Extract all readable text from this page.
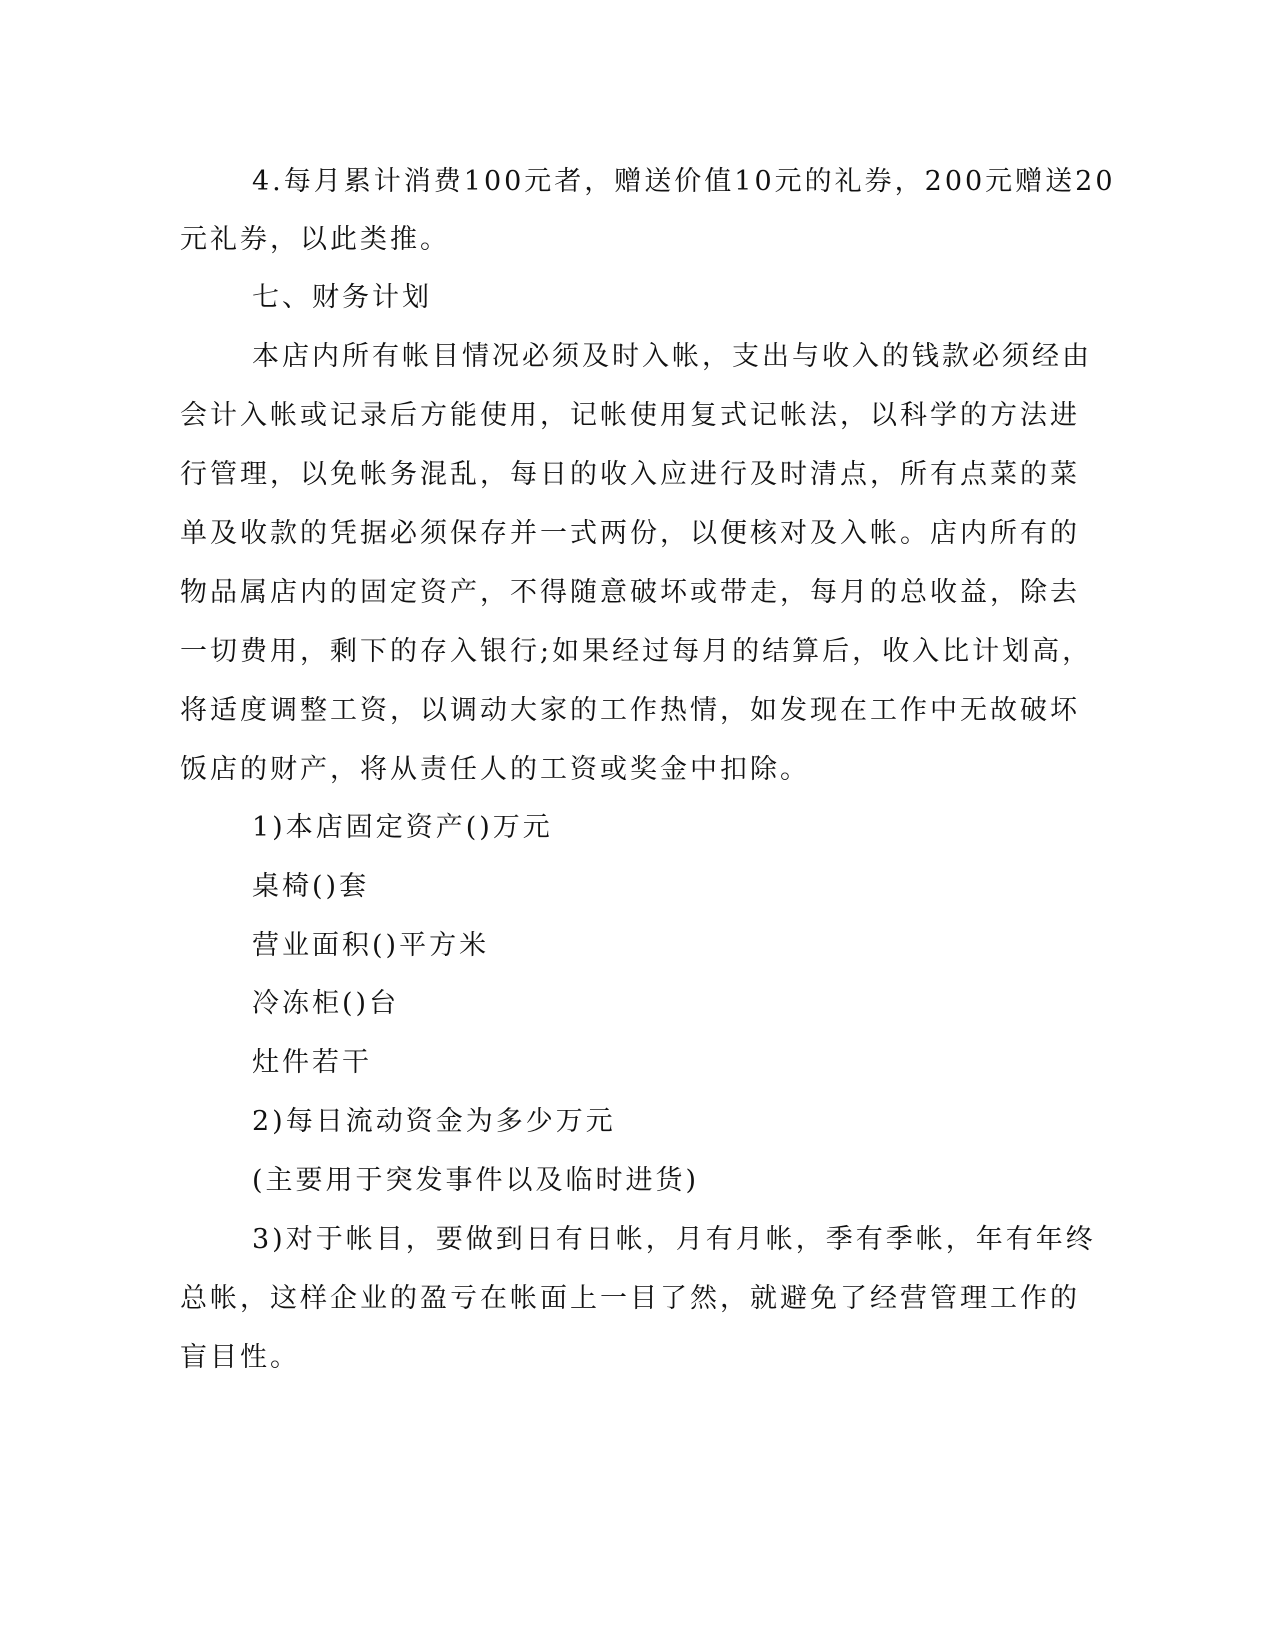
4.每月累计消费100元者，赠送价值10元的礼券，200元赠送20
元礼券，以此类推。
七、财务计划
本店内所有帐目情况必须及时入帐，支出与收入的钱款必须经由
会计入帐或记录后方能使用，记帐使用复式记帐法，以科学的方法进
行管理，以免帐务混乱，每日的收入应进行及时清点，所有点菜的菜
单及收款的凭据必须保存并一式两份，以便核对及入帐。店内所有的
物品属店内的固定资产，不得随意破坏或带走，每月的总收益，除去
一切费用，剩下的存入银行;如果经过每月的结算后，收入比计划高，
将适度调整工资，以调动大家的工作热情，如发现在工作中无故破坏
饭店的财产，将从责任人的工资或奖金中扣除。
1)本店固定资产()万元
桌椅()套
营业面积()平方米
冷冻柜()台
灶件若干
2)每日流动资金为多少万元
(主要用于突发事件以及临时进货)
3)对于帐目，要做到日有日帐，月有月帐，季有季帐，年有年终
总帐，这样企业的盈亏在帐面上一目了然，就避免了经营管理工作的
盲目性。
